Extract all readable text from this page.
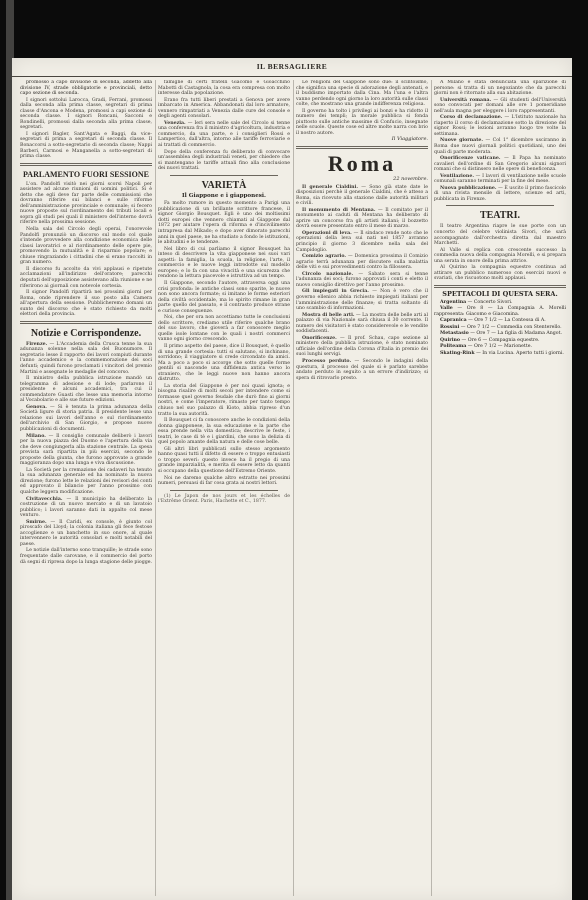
IL BERSAGLIERE

promosso a capo divisione di seconda, addetto alla divisione IV, strade obbligatorie e provinciali, detto capo sezione di seconda.

I signori sottolui Larocca, Gradi, Ferrani, promossi dalla seconda alla prima classe, segretari di prima classe d'Ancona e Modena, promossi a capi sezione di seconda classe. I signori Roncani, Sacconi e Rondinelli, promossi dalla seconda alla prima classe, segretari.

I signori Bagler, Sant'Agata e Baggi, da vice-segretari di prima a segretari di seconda classe. Il Bonaccorsi a sotto-segretario di seconda classe; Nappi Barberi, Carmosi e Manganella a sotto-segretari di prima classe.

PARLAMENTO FUORI SESSIONE

L'on. Pandolfi visitò nei giorni scorsi Napoli per assistere ad alcune riunioni di uomini politici. Si è detto che egli deve far parte delle commissioni che dovranno riferire sui bilanci e sulle riforme dell'amministrazione provinciale e comunale; si fecero nuove proposte sul riordinamento dei tributi locali e sopra gli studi pei quali il ministero dell'interno dovrà riferire nella prossima sessione.

Nella sala del Circolo degli operai, l'onorevole Pandolfi pronunziò un discorso sul modo col quale s'intende provvedere alla condizione economica delle classi lavoratrici e al riordinamento delle opere pie, promovendo la mutualità e il risparmio popolare; e chiuse ringraziando i cittadini che si erano raccolti in gran numero.

Il discorso fu accolto da vivi applausi e ripetute acclamazioni all'indirizzo dell'oratore; parecchi deputati dell'opposizione assistevano alla riunione e ne riferirono ai giornali con notevole cortesia.

Il signor Pandolfi ripartirà nei prossimi giorni per Roma, onde riprendere il suo posto alla Camera all'apertura della sessione. Pubblicheremo domani un sunto del discorso che è stato richiesto da molti elettori della provincia.

Notizie e Corrispondenze.

Firenze. — L'Accademia della Crusca tenne la sua adunanza solenne nella sala del Buonumore. Il segretario lesse il rapporto dei lavori compiuti durante l'anno accademico e la commemorazione dei soci defunti; quindi furono proclamati i vincitori del premio Martini e assegnate le medaglie del concorso.

Il ministro della pubblica istruzione mandò un telegramma di adesione e di lode; parlarono il presidente e alcuni accademici, tra cui il commendatore Guasti che lesse una memoria intorno al Vocabolario e alle sue future edizioni.

Genova. — Si è tenuta la prima adunanza della Società ligure di storia patria. Il presidente lesse una relazione sui lavori dell'anno e sul riordinamento dell'archivio di San Giorgio, e propose nuove pubblicazioni di documenti.

Milano. — Il consiglio comunale deliberò i lavori per la nuova piazza del Duomo e l'apertura della via che deve congiungerla alla stazione centrale. La spesa prevista sarà ripartita in più esercizi, secondo le proposte della giunta, che furono approvate a grande maggioranza dopo una lunga e viva discussione.

La Società per la cremazione dei cadaveri ha tenuto la sua adunanza generale ed ha nominato la nuova direzione; furono lette le relazioni dei revisori dei conti ed approvato il bilancio per l'anno prossimo con qualche leggera modificazione.

Civitavecchia. — Il municipio ha deliberato la costruzione di un nuovo mercato e di un lavatoio pubblico; i lavori saranno dati in appalto col mese venturo.

Smirne. — Il Caridi, ex console, è giunto col piroscafo del Lloyd; la colonia italiana gli fece festose accoglienze e un banchetto in suo onore, al quale intervennero le autorità consolari e molti notabili del paese.

Le notizie dall'interno sono tranquille; le strade sono frequentate dalle carovane, e il commercio del porto dà segni di ripresa dopo la lunga stagione delle piogge.

famiglie di certi fratelli Giacomo e Gioacchino Mabotti di Castagnola, la cosa era compresa con molto interesse dalla popolazione.

Erano fra tutti liberi prestati a Genova per avere imbarcato in America. Abbandonati dal loro armatore, vennero rimpatriati a Venezia dalle cure del console e degli agenti consolari.

Venezia. — Ieri sera nelle sale del Circolo si tenne una conferenza fra il ministro d'agricoltura, industria e commercio, da una parte, e i consiglieri Rossi e Lampertico, dall'altra, intorno alle tariffe ferroviarie e ai trattati di commercio.

Dopo della conferenza fu deliberato di convocare un'assemblea degli industriali veneti, per chiedere che si mantengano le tariffe attuali fino alla conclusione dei nuovi trattati.

VARIETÀ
Il Giappone e i giapponesi.

Fa molto rumore in questo momento a Parigi una pubblicazione di un brillante scrittore francese, il signor Giorgio Bousquet. Egli è uno dei moltissimi dotti europei che vennero chiamati al Giappone dal 1872 per aiutare l'opera di riforma e d'incivilimento intrapresa dal Mikado; e dopo aver dimorato parecchi anni in quel paese, ne ha studiato a fondo le istituzioni, le abitudini e le tendenze.

Nel libro di cui parliamo il signor Bousquet ha inteso di descrivere la vita giapponese nei suoi vari aspetti: la famiglia, la scuola, la religione, l'arte, il commercio e le nuove leggi introdotte sul modello europeo; e lo fa con una vivacità e una sicurezza che rendono la lettura piacevole e istruttiva ad un tempo.

Il Giappone, secondo l'autore, attraversa oggi una crisi profonda: le antiche classi sono sparite, le nuove non sono ancora formate; si imitano le forme esteriori della civiltà occidentale, ma lo spirito rimane in gran parte quello del passato, e il contrasto produce strane e curiose conseguenze.

Noi, che per ora non accettiamo tutte le conclusioni dello scrittore, crediamo utile riferire qualche brano del suo lavoro, che gioverà a far conoscere meglio quelle isole lontane con le quali i nostri commerci vanno ogni giorno crescendo.

Il primo aspetto del paese, dice il Bousquet, è quello di una grande cortesia: tutti si salutano, si inchinano, sorridono; il viaggiatore si crede circondato da amici. Ma a poco a poco si accorge che sotto quelle forme gentili si nasconde una diffidenza antica verso lo straniero, che le leggi nuove non hanno ancora distrutto.

La storia del Giappone è per noi quasi ignota; e bisogna risalire di molti secoli per intendere come si formasse quel governo feudale che durò fino ai giorni nostri, e come l'imperatore, rimasto per tanto tempo chiuso nel suo palazzo di Kioto, abbia ripreso d'un tratto la sua autorità.

Il Bousquet ci fa conoscere anche le condizioni della donna giapponese, la sua educazione e la parte che essa prende nella vita domestica; descrive le feste, i teatri, le case di tè e i giardini, che sono la delizia di quel popolo amante della natura e delle cose belle.

Gli altri libri pubblicati sullo stesso argomento hanno quasi tutti il difetto di essere o troppo entusiasti o troppo severi: questo invece ha il pregio di una grande imparzialità, e merita di essere letto da quanti si occupano della questione dell'Estremo Oriente.

Noi ne daremo qualche altro estratto nei prossimi numeri, persuasi di far cosa grata ai nostri lettori.

(1) Le Japon de nos jours et les échelles de l'Extrême Orient. Paris, Hachette et C., 1877.

Le religioni del Giappone sono due: il scintoismo, che significa una specie di adorazione degli antenati, e il buddismo importato dalla Cina. Ma l'una e l'altra vanno perdendo ogni giorno la loro autorità sulle classi colte, che mostrano una grande indifferenza religiosa.

Il governo ha tolto i privilegi ai bonzi e ha ridotto il numero dei templi; la morale pubblica si fonda piuttosto sulle antiche massime di Confucio, insegnate nelle scuole. Queste cose ed altre molte narra con brio il nostro autore.

Il Viaggiatore.
Roma
22 novembre.

Il generale Cialdini. — Sono già state date le disposizioni perchè il generale Cialdini, che è atteso a Roma, sia ricevuto alla stazione dalle autorità militari e civili.

Il monumento di Mentana. — Il comitato per il monumento ai caduti di Mentana ha deliberato di aprire un concorso fra gli artisti italiani; il bozzetto dovrà essere presentato entro il mese di marzo.

Operazioni di leva. — Il sindaco rende noto che le operazioni della leva sui nati nel 1857 avranno principio il giorno 3 dicembre nella sala del Campidoglio.

Comizio agrario. — Domenica prossima il Comizio agrario terrà adunanza per discutere sulla malattia delle viti e sui provvedimenti contro la fillossera.

Circolo nazionale. — Sabato sera si tenne l'adunanza dei soci; furono approvati i conti e eletto il nuovo consiglio direttivo per l'anno prossimo.

Gli impiegati in Grecia. — Non è vero che il governo ellenico abbia richiesto impiegati italiani per l'amministrazione delle finanze; si tratta soltanto di uno scambio di informazioni.

Mostra di belle arti. — La mostra delle belle arti al palazzo di via Nazionale sarà chiusa il 30 corrente. Il numero dei visitatori è stato considerevole e le vendite soddisfacenti.

Onorificenze. — Il prof. Schau, capo sezione al ministero della pubblica istruzione, è stato nominato ufficiale dell'ordine della Corona d'Italia in premio dei suoi lunghi servigi.

Processo perduto. — Secondo le indagini della questura, il processo del quale si è parlato sarebbe andato perduto in seguito a un errore d'indirizzo; si spera di ritrovarlo presto.

A Milano è stata denunciata una sparizione di persone: si tratta di un negoziante che da parecchi giorni non è ritornato alla sua abitazione.

Università romana. — Gli studenti dell'Università sono convocati per domani alle ore 1 pomeridiane nell'aula magna per eleggere i loro rappresentanti.

Corso di declamazione. — L'Istituto nazionale ha riaperto il corso di declamazione sotto la direzione del signor Rossi; le lezioni avranno luogo tre volte la settimana.

Nuove giornate. — Col 1° dicembre usciranno in Roma due nuovi giornali politici quotidiani, uno dei quali di parte moderata.

Onorificenze vaticane. — Il Papa ha nominato cavalieri dell'ordine di San Gregorio alcuni signori romani che si distinsero nelle opere di beneficenza.

Ventilazione. — I lavori di ventilazione nelle scuole comunali saranno terminati per la fine del mese.

Nuova pubblicazione. — È uscito il primo fascicolo di una rivista mensile di lettere, scienze ed arti, pubblicata in Firenze.

TEATRI.

Il teatro Argentina riapre le sue porte con un concerto del celebre violinista Sivori, che sarà accompagnato dall'orchestra diretta dal maestro Marchetti.

Al Valle si replica con crescente successo la commedia nuova della compagnia Morelli, e si prepara una serata in onore della prima attrice.

Al Quirino la compagnia equestre continua ad attirare un pubblico numeroso con esercizi nuovi e svariati, che riscuotono molti applausi.

SPETTACOLI DI QUESTA SERA.

Argentina — Concerto Sivori.

Valle — Ore 8 — La Compagnia A. Morelli rappresenta: Giacomo e Giacomina.

Capranica — Ore 7 1/2 — La Contessa di A.

Rossini — Ore 7 1/2 — Commedia con Stenterello.

Metastasio — Ore 7 — La figlia di Madama Angot.

Quirino — Ore 6 — Compagnia equestre.

Politeama — Ore 7 1/2 — Marionette.

Skating-Rink — In via Lucina. Aperto tutti i giorni.
